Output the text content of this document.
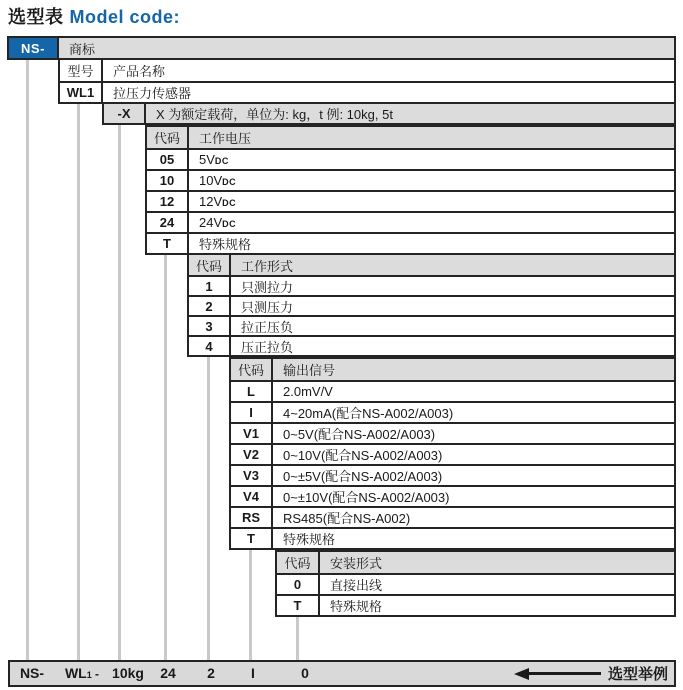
选型表 Model code:
NS-	商标
型号	产品名称
WL1	拉压力传感器
-X	X 为额定载荷，单位为: kg，t 例: 10kg, 5t
代码	工作电压
05	5V DC
10	10V DC
12	12V DC
24	24V DC
T	特殊规格
代码	工作形式
1	只测拉力
2	只测压力
3	拉正压负
4	压正拉负
代码	输出信号
L	2.0mV/V
I	4~20mA(配合NS-A002/A003)
V1	0~5V(配合NS-A002/A003)
V2	0~10V(配合NS-A002/A003)
V3	0~±5V(配合NS-A002/A003)
V4	0~±10V(配合NS-A002/A003)
RS	RS485(配合NS-A002)
T	特殊规格
代码	安装形式
0	直接出线
T	特殊规格
选型举例
NS- WL1 - 10kg 24 2	I	0
